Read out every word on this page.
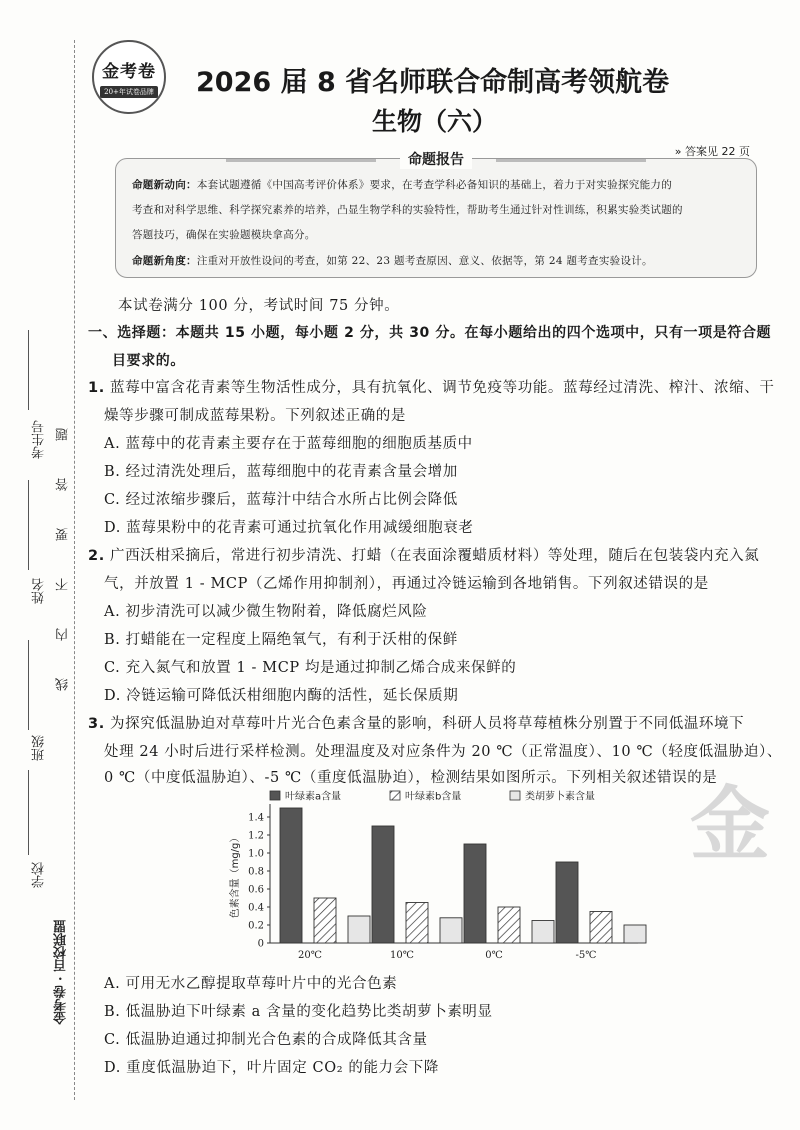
考生号
姓名
班级
学校
金考卷 · 百校联盟
题
答
要
不
内
线
金考卷
20+年试卷品牌 2026 届 8 省名师联合命制高考领航卷
生物（六）
» 答案见 22 页
命题报告
命题新动向：本套试题遵循《中国高考评价体系》要求，在考查学科必备知识的基础上，着力于对实验探究能力的
考查和对科学思维、科学探究素养的培养，凸显生物学科的实验特性，帮助考生通过针对性训练，积累实验类试题的
答题技巧，确保在实验题模块拿高分。
命题新角度：注重对开放性设问的考查，如第 22、23 题考查原因、意义、依据等，第 24 题考查实验设计。
本试卷满分 100 分，考试时间 75 分钟。
一、选择题：本题共 15 小题，每小题 2 分，共 30 分。在每小题给出的四个选项中，只有一项是符合题
目要求的。
1. 蓝莓中富含花青素等生物活性成分，具有抗氧化、调节免疫等功能。蓝莓经过清洗、榨汁、浓缩、干
燥等步骤可制成蓝莓果粉。下列叙述正确的是
A. 蓝莓中的花青素主要存在于蓝莓细胞的细胞质基质中
B. 经过清洗处理后，蓝莓细胞中的花青素含量会增加
C. 经过浓缩步骤后，蓝莓汁中结合水所占比例会降低
D. 蓝莓果粉中的花青素可通过抗氧化作用减缓细胞衰老
2. 广西沃柑采摘后，常进行初步清洗、打蜡（在表面涂覆蜡质材料）等处理，随后在包装袋内充入氮
气，并放置 1 - MCP（乙烯作用抑制剂），再通过冷链运输到各地销售。下列叙述错误的是
A. 初步清洗可以减少微生物附着，降低腐烂风险
B. 打蜡能在一定程度上隔绝氧气，有利于沃柑的保鲜
C. 充入氮气和放置 1 - MCP 均是通过抑制乙烯合成来保鲜的
D. 冷链运输可降低沃柑细胞内酶的活性，延长保质期
3. 为探究低温胁迫对草莓叶片光合色素含量的影响，科研人员将草莓植株分别置于不同低温环境下
处理 24 小时后进行采样检测。处理温度及对应条件为 20 ℃（正常温度）、10 ℃（轻度低温胁迫）、
0 ℃（中度低温胁迫）、-5 ℃（重度低温胁迫），检测结果如图所示。下列相关叙述错误的是
金
叶绿素a含量	叶绿素b含量	类胡萝卜素含量
0
0.2
0.4
0.6
0.8
1.0
1.2
1.4
色素含量（mg/g）
20℃	10℃	0℃	-5℃
A. 可用无水乙醇提取草莓叶片中的光合色素
B. 低温胁迫下叶绿素 a 含量的变化趋势比类胡萝卜素明显
C. 低温胁迫通过抑制光合色素的合成降低其含量
D. 重度低温胁迫下，叶片固定 CO₂ 的能力会下降
